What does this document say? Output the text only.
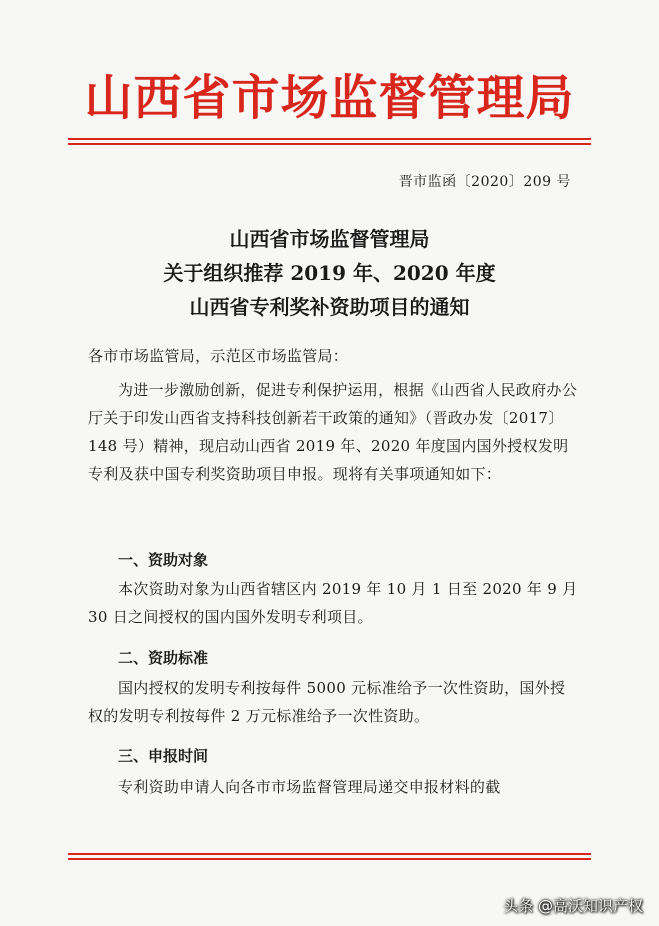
山西省市场监督管理局
晋市监函〔2020〕209 号
山西省市场监督管理局
关于组织推荐 2019 年、2020 年度
山西省专利奖补资助项目的通知

各市市场监管局，示范区市场监管局：

为进一步激励创新，促进专利保护运用，根据《山西省人民政府办公厅关于印发山西省支持科技创新若干政策的通知》（晋政办发〔2017〕148 号）精神，现启动山西省 2019 年、2020 年度国内国外授权发明专利及获中国专利奖资助项目申报。现将有关事项通知如下：

一、资助对象

本次资助对象为山西省辖区内 2019 年 10 月 1 日至 2020 年 9 月 30 日之间授权的国内国外发明专利项目。

二、资助标准

国内授权的发明专利按每件 5000 元标准给予一次性资助，国外授权的发明专利按每件 2 万元标准给予一次性资助。

三、申报时间

专利资助申请人向各市市场监督管理局递交申报材料的截

头条 @高沃知识产权
